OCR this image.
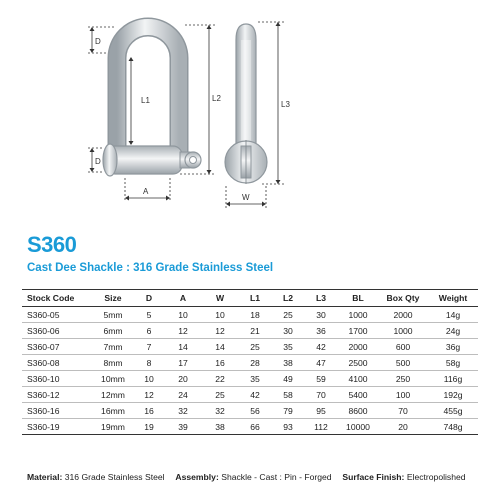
D
L1	L2
D
A
L3
W
S360
Cast Dee Shackle : 316 Grade Stainless Steel
Stock Code	Size	D	A	W	L1	L2	L3	BL	Box Qty	Weight
S360-05	5mm	5	10	10	18	25	30	1000	2000	14g
S360-06	6mm	6	12	12	21	30	36	1700	1000	24g
S360-07	7mm	7	14	14	25	35	42	2000	600	36g
S360-08	8mm	8	17	16	28	38	47	2500	500	58g
S360-10	10mm	10	20	22	35	49	59	4100	250	116g
S360-12	12mm	12	24	25	42	58	70	5400	100	192g
S360-16	16mm	16	32	32	56	79	95	8600	70	455g
S360-19	19mm	19	39	38	66	93	112	10000	20	748g
Material: 316 Grade Stainless Steel Assembly: Shackle - Cast : Pin - Forged Surface Finish: Electropolished
